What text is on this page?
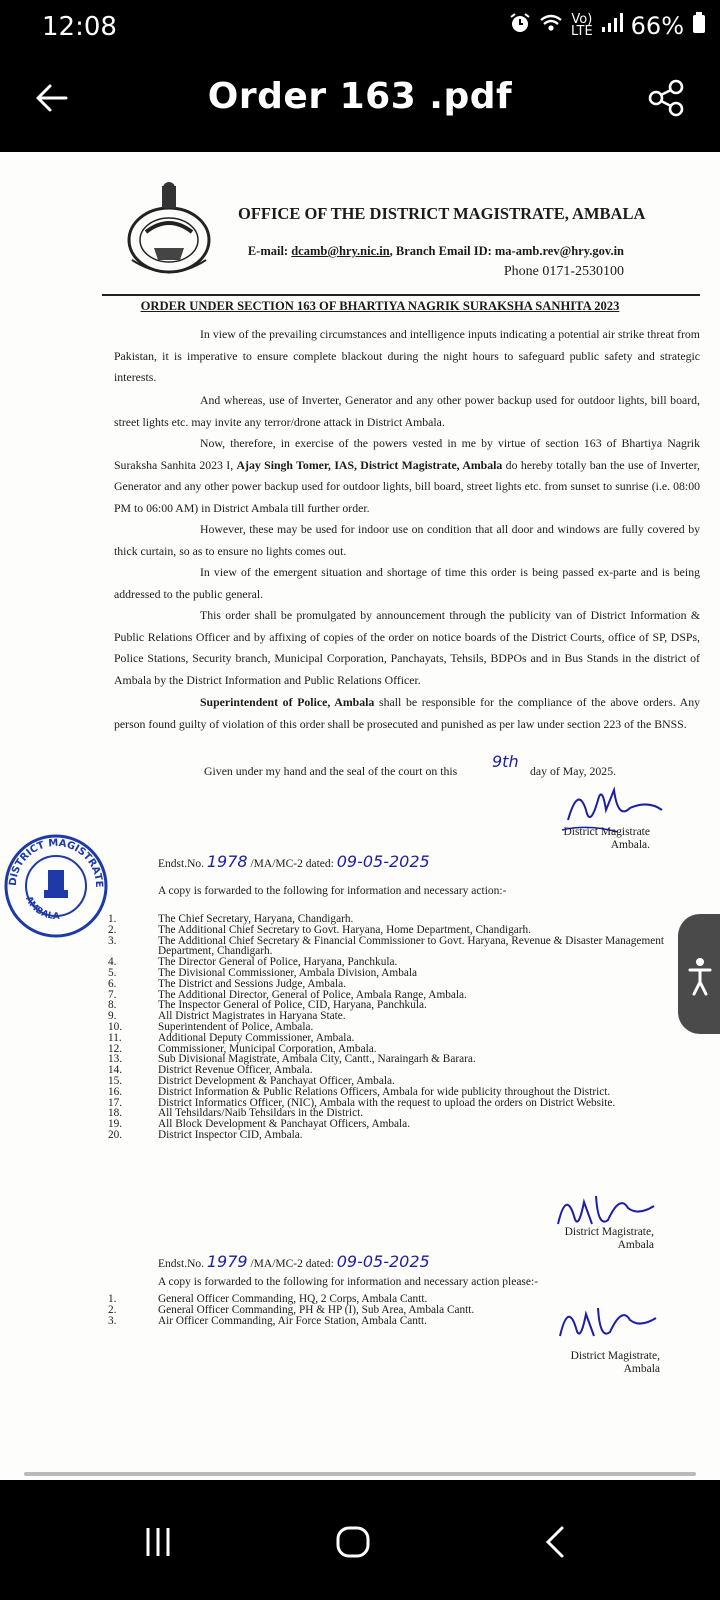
12:08	Vo)
LTE 66%
Order 163 .pdf
OFFICE OF THE DISTRICT MAGISTRATE, AMBALA
E-mail: dcamb@hry.nic.in, Branch Email ID: ma-amb.rev@hry.gov.in
Phone 0171-2530100
ORDER UNDER SECTION 163 OF BHARTIYA NAGRIK SURAKSHA SANHITA 2023
In view of the prevailing circumstances and intelligence inputs indicating a potential air strike threat from Pakistan, it is imperative to ensure complete blackout during the night hours to safeguard public safety and strategic interests.
And whereas, use of Inverter, Generator and any other power backup used for outdoor lights, bill board, street lights etc. may invite any terror/drone attack in District Ambala.
Now, therefore, in exercise of the powers vested in me by virtue of section 163 of Bhartiya Nagrik Suraksha Sanhita 2023 I, Ajay Singh Tomer, IAS, District Magistrate, Ambala do hereby totally ban the use of Inverter, Generator and any other power backup used for outdoor lights, bill board, street lights etc. from sunset to sunrise (i.e. 08:00 PM to 06:00 AM) in District Ambala till further order.
However, these may be used for indoor use on condition that all door and windows are fully covered by thick curtain, so as to ensure no lights comes out.
In view of the emergent situation and shortage of time this order is being passed ex-parte and is being addressed to the public general.
This order shall be promulgated by announcement through the publicity van of District Information & Public Relations Officer and by affixing of copies of the order on notice boards of the District Courts, office of SP, DSPs, Police Stations, Security branch, Municipal Corporation, Panchayats, Tehsils, BDPOs and in Bus Stands in the district of Ambala by the District Information and Public Relations Officer.
Superintendent of Police, Ambala shall be responsible for the compliance of the above orders. Any person found guilty of violation of this order shall be prosecuted and punished as per law under section 223 of the BNSS.
Given under my hand and the seal of the court on this 9th day of May, 2025.
District Magistrate
Ambala.
DISTRICT MAGISTRATE
AMBALA
Endst.No. 1978 /MA/MC-2 dated: 09-05-2025
A copy is forwarded to the following for information and necessary action:-
1.	The Chief Secretary, Haryana, Chandigarh.
2.	The Additional Chief Secretary to Govt. Haryana, Home Department, Chandigarh.
3.	The Additional Chief Secretary & Financial Commissioner to Govt. Haryana, Revenue & Disaster Management Department, Chandigarh.
4.	The Director General of Police, Haryana, Panchkula.
5.	The Divisional Commissioner, Ambala Division, Ambala
6.	The District and Sessions Judge, Ambala.
7.	The Additional Director, General of Police, Ambala Range, Ambala.
8.	The Inspector General of Police, CID, Haryana, Panchkula.
9.	All District Magistrates in Haryana State.
10.	Superintendent of Police, Ambala.
11.	Additional Deputy Commissioner, Ambala.
12.	Commissioner, Municipal Corporation, Ambala.
13.	Sub Divisional Magistrate, Ambala City, Cantt., Naraingarh & Barara.
14.	District Revenue Officer, Ambala.
15.	District Development & Panchayat Officer, Ambala.
16.	District Information & Public Relations Officers, Ambala for wide publicity throughout the District.
17.	District Informatics Officer, (NIC), Ambala with the request to upload the orders on District Website.
18.	All Tehsildars/Naib Tehsildars in the District.
19.	All Block Development & Panchayat Officers, Ambala.
20.	District Inspector CID, Ambala.
District Magistrate,
Ambala
Endst.No. 1979 /MA/MC-2 dated: 09-05-2025
A copy is forwarded to the following for information and necessary action please:-
1.	General Officer Commanding, HQ, 2 Corps, Ambala Cantt.
2.	General Officer Commanding, PH & HP (I), Sub Area, Ambala Cantt.
3.	Air Officer Commanding, Air Force Station, Ambala Cantt.
District Magistrate,
Ambala
